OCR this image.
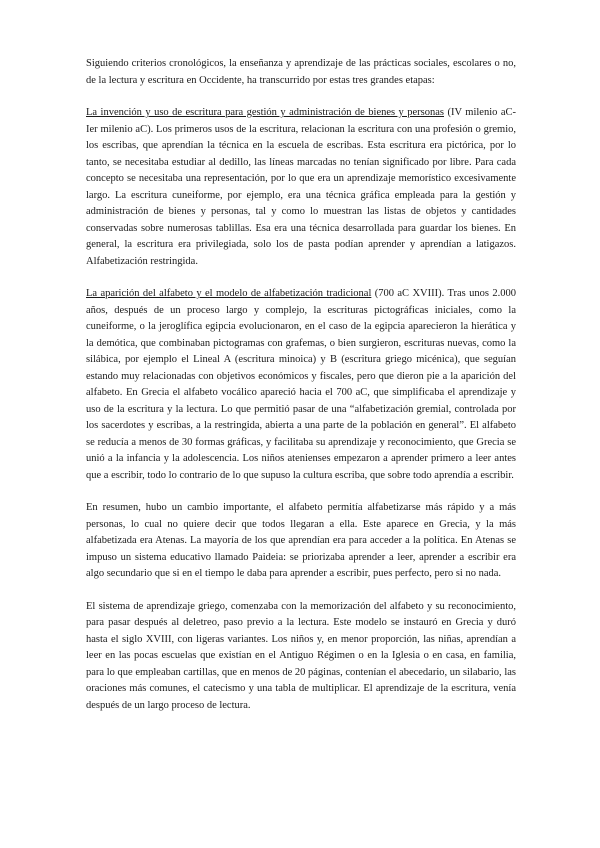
Siguiendo criterios cronológicos, la enseñanza y aprendizaje de las prácticas sociales, escolares o no, de la lectura y escritura en Occidente, ha transcurrido por estas tres grandes etapas:

La invención y uso de escritura para gestión y administración de bienes y personas (IV milenio aC- Ier milenio aC). Los primeros usos de la escritura, relacionan la escritura con una profesión o gremio, los escribas, que aprendían la técnica en la escuela de escribas. Esta escritura era pictórica, por lo tanto, se necesitaba estudiar al dedillo, las líneas marcadas no tenían significado por libre. Para cada concepto se necesitaba una representación, por lo que era un aprendizaje memorístico excesivamente largo. La escritura cuneiforme, por ejemplo, era una técnica gráfica empleada para la gestión y administración de bienes y personas, tal y como lo muestran las listas de objetos y cantidades conservadas sobre numerosas tablillas. Esa era una técnica desarrollada para guardar los bienes. En general, la escritura era privilegiada, solo los de pasta podían aprender y aprendían a latigazos. Alfabetización restringida.

La aparición del alfabeto y el modelo de alfabetización tradicional (700 aC XVIII). Tras unos 2.000 años, después de un proceso largo y complejo, la escrituras pictográficas iniciales, como la cuneiforme, o la jeroglífica egipcia evolucionaron, en el caso de la egipcia aparecieron la hierática y la demótica, que combinaban pictogramas con grafemas, o bien surgieron, escrituras nuevas, como la silábica, por ejemplo el Lineal A (escritura minoica) y B (escritura griego micénica), que seguían estando muy relacionadas con objetivos económicos y fiscales, pero que dieron pie a la aparición del alfabeto. En Grecia el alfabeto vocálico apareció hacia el 700 aC, que simplificaba el aprendizaje y uso de la escritura y la lectura. Lo que permitió pasar de una “alfabetización gremial, controlada por los sacerdotes y escribas, a la restringida, abierta a una parte de la población en general”. El alfabeto se reducía a menos de 30 formas gráficas, y facilitaba su aprendizaje y reconocimiento, que Grecia se unió a la infancia y la adolescencia. Los niños atenienses empezaron a aprender primero a leer antes que a escribir, todo lo contrario de lo que supuso la cultura escriba, que sobre todo aprendía a escribir.

En resumen, hubo un cambio importante, el alfabeto permitía alfabetizarse más rápido y a más personas, lo cual no quiere decir que todos llegaran a ella. Este aparece en Grecia, y la más alfabetizada era Atenas. La mayoría de los que aprendían era para acceder a la política. En Atenas se impuso un sistema educativo llamado Paideia: se priorizaba aprender a leer, aprender a escribir era algo secundario que si en el tiempo le daba para aprender a escribir, pues perfecto, pero si no nada.

El sistema de aprendizaje griego, comenzaba con la memorización del alfabeto y su reconocimiento, para pasar después al deletreo, paso previo a la lectura. Este modelo se instauró en Grecia y duró hasta el siglo XVIII, con ligeras variantes. Los niños y, en menor proporción, las niñas, aprendían a leer en las pocas escuelas que existían en el Antiguo Régimen o en la Iglesia o en casa, en familia, para lo que empleaban cartillas, que en menos de 20 páginas, contenían el abecedario, un silabario, las oraciones más comunes, el catecismo y una tabla de multiplicar. El aprendizaje de la escritura, venía después de un largo proceso de lectura.
